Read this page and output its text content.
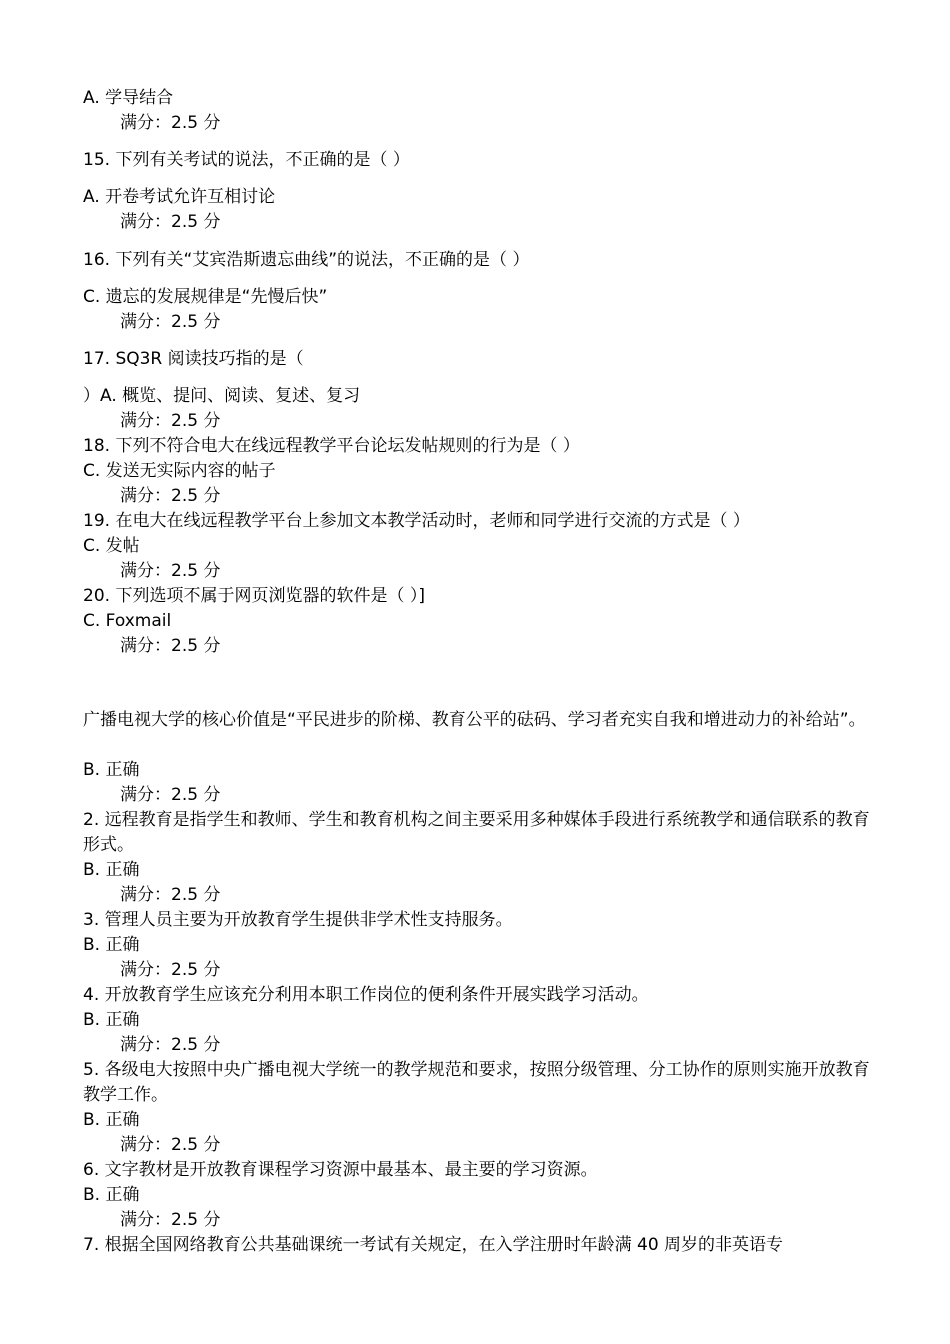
A. 学导结合
满分：2.5 分
15. 下列有关考试的说法，不正确的是（ ）
A. 开卷考试允许互相讨论
满分：2.5 分
16. 下列有关“艾宾浩斯遗忘曲线”的说法，不正确的是（ ）
C. 遗忘的发展规律是“先慢后快”
满分：2.5 分
17. SQ3R 阅读技巧指的是（
）A. 概览、提问、阅读、复述、复习
满分：2.5 分
18. 下列不符合电大在线远程教学平台论坛发帖规则的行为是（ ）
C. 发送无实际内容的帖子
满分：2.5 分
19. 在电大在线远程教学平台上参加文本教学活动时，老师和同学进行交流的方式是（ ）
C. 发帖
满分：2.5 分
20. 下列选项不属于网页浏览器的软件是（ ）]
C. Foxmail
满分：2.5 分
广播电视大学的核心价值是“平民进步的阶梯、教育公平的砝码、学习者充实自我和增进动力的补给站”。
B. 正确
满分：2.5 分
2. 远程教育是指学生和教师、学生和教育机构之间主要采用多种媒体手段进行系统教学和通信联系的教育形式。
B. 正确
满分：2.5 分
3. 管理人员主要为开放教育学生提供非学术性支持服务。
B. 正确
满分：2.5 分
4. 开放教育学生应该充分利用本职工作岗位的便利条件开展实践学习活动。
B. 正确
满分：2.5 分
5. 各级电大按照中央广播电视大学统一的教学规范和要求，按照分级管理、分工协作的原则实施开放教育教学工作。
B. 正确
满分：2.5 分
6. 文字教材是开放教育课程学习资源中最基本、最主要的学习资源。
B. 正确
满分：2.5 分
7. 根据全国网络教育公共基础课统一考试有关规定，在入学注册时年龄满 40 周岁的非英语专
